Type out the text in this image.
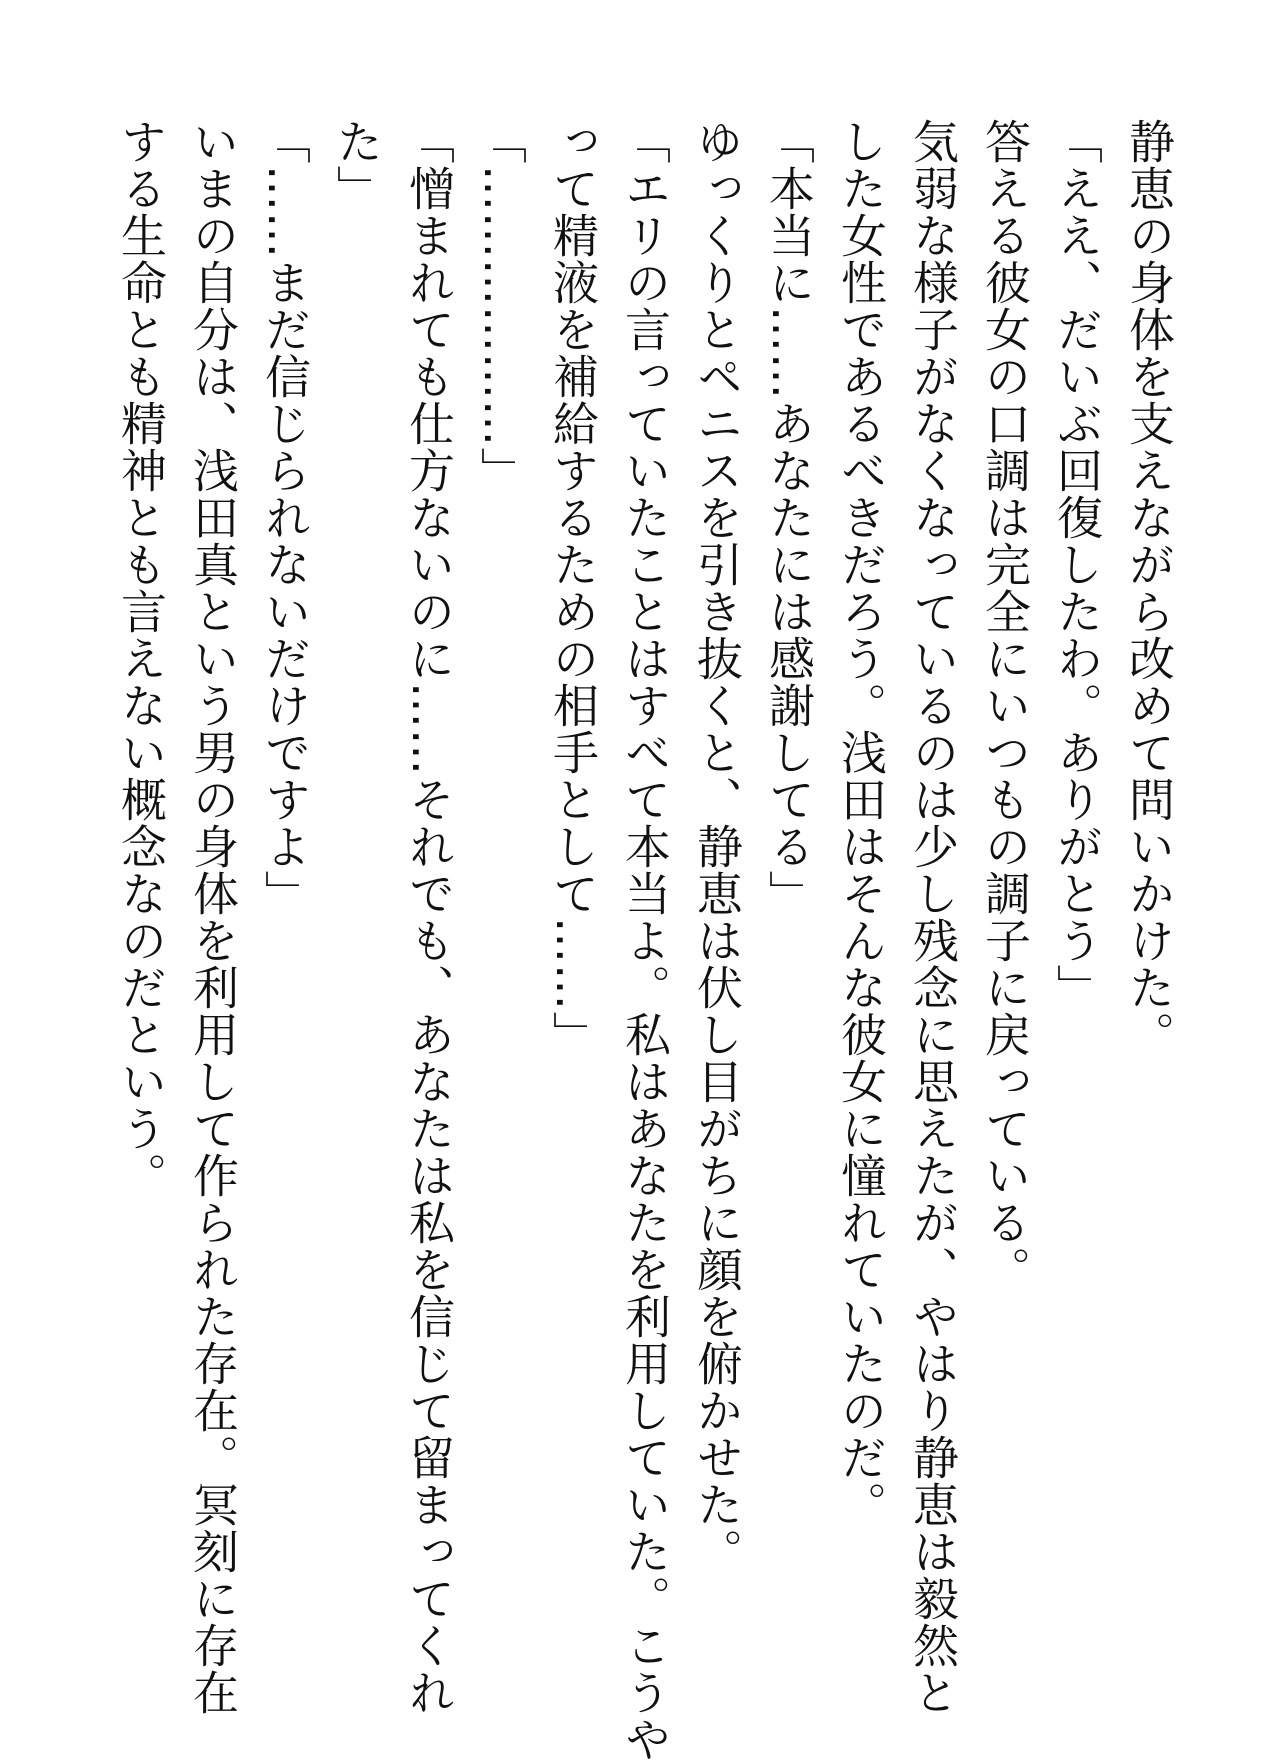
静恵の身体を支えながら改めて問いかけた。
「ええ、だいぶ回復したわ。ありがとう」
答える彼女の口調は完全にいつもの調子に戻っている。
気弱な様子がなくなっているのは少し残念に思えたが、やはり静恵は毅然と
した女性であるべきだろう。浅田はそんな彼女に憧れていたのだ。
「本当に……あなたには感謝してる」
ゆっくりとペニスを引き抜くと、静恵は伏し目がちに顔を俯かせた。
「エリの言っていたことはすべて本当よ。私はあなたを利用していた。こうや
って精液を補給するための相手として……」
「………………」
「憎まれても仕方ないのに……それでも、あなたは私を信じて留まってくれ
た」
「……まだ信じられないだけですよ」
いまの自分は、浅田真という男の身体を利用して作られた存在。冥刻に存在
する生命とも精神とも言えない概念なのだという。
